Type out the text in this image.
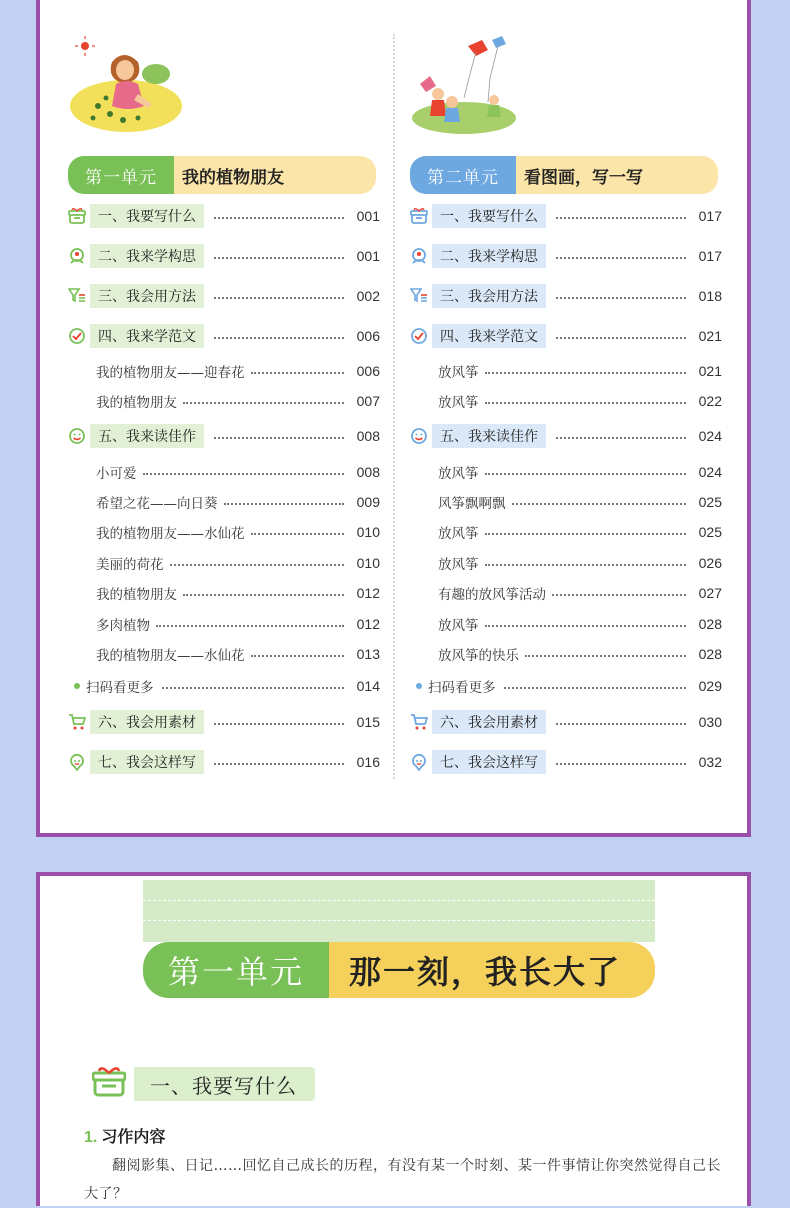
第一单元	我的植物朋友
一、我要写什么	001
二、我来学构思	001
三、我会用方法	002
四、我来学范文	006
我的植物朋友——迎春花	006
我的植物朋友	007
五、我来读佳作	008
小可爱	008
希望之花——向日葵	009
我的植物朋友——水仙花	010
美丽的荷花	010
我的植物朋友	012
多肉植物	012
我的植物朋友——水仙花	013
扫码看更多	014
六、我会用素材	015
七、我会这样写	016
第二单元	看图画，写一写
一、我要写什么	017
二、我来学构思	017
三、我会用方法	018
四、我来学范文	021
放风筝	021
放风筝	022
五、我来读佳作	024
放风筝	024
风筝飘啊飘	025
放风筝	025
放风筝	026
有趣的放风筝活动	027
放风筝	028
放风筝的快乐	028
扫码看更多	029
六、我会用素材	030
七、我会这样写	032
第一单元	那一刻，我长大了
一、我要写什么
1. 习作内容
翻阅影集、日记……回忆自己成长的历程，有没有某一个时刻、某一件事情让你突然觉得自己长大了？
